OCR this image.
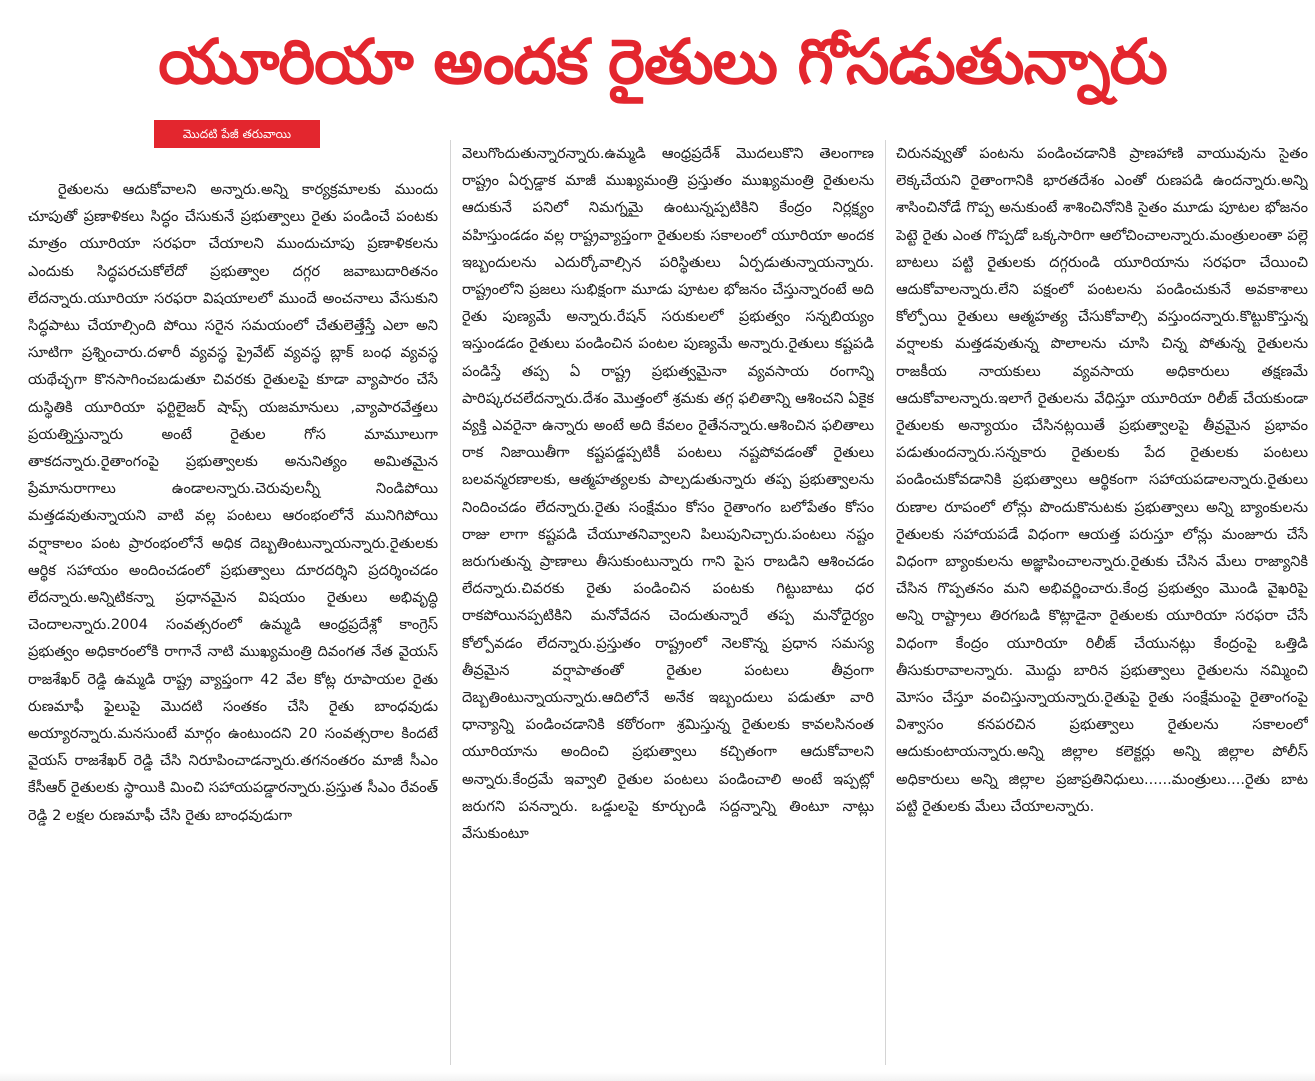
యూరియా అందక రైతులు గోసడుతున్నారు
మొదటి పేజీ తరువాయి

రైతులను ఆదుకోవాలని అన్నారు.అన్ని కార్యక్రమాలకు ముందు చూపుతో ప్రణాళికలు సిద్ధం చేసుకునే ప్రభుత్వాలు రైతు పండించే పంటకు మాత్రం యూరియా సరఫరా చేయాలని ముందుచూపు ప్రణాళికలను ఎందుకు సిద్ధపరచుకోలేదో ప్రభుత్వాల దగ్గర జవాబుదారితనం లేదన్నారు.యూరియా సరఫరా విషయాలలో ముందే అంచనాలు వేసుకుని సిద్ధపాటు చేయాల్సింది పోయి సరైన సమయంలో చేతులెత్తేస్తే ఎలా అని సూటిగా ప్రశ్నించారు.దళారీ వ్యవస్థ ప్రైవేట్ వ్యవస్థ బ్లాక్ బంధ వ్యవస్థ యథేచ్ఛగా కొనసాగించబడుతూ చివరకు రైతులపై కూడా వ్యాపారం చేసే దుస్థితికి యూరియా ఫర్టిలైజర్ షాప్స్ యజమానులు ,వ్యాపారవేత్తలు ప్రయత్నిస్తున్నారు అంటే రైతుల గోస మామూలుగా తాకదన్నారు.రైతాంగంపై ప్రభుత్వాలకు అనునిత్యం అమితమైన ప్రేమానురాగాలు ఉండాలన్నారు.చెరువులన్నీ నిండిపోయి మత్తడవుతున్నాయని వాటి వల్ల పంటలు ఆరంభంలోనే మునిగిపోయి వర్షాకాలం పంట ప్రారంభంలోనే అధిక దెబ్బతింటున్నాయన్నారు.రైతులకు ఆర్థిక సహాయం అందించడంలో ప్రభుత్వాలు దూరదర్శిని ప్రదర్శించడం లేదన్నారు.అన్నిటికన్నా ప్రధానమైన విషయం రైతులు అభివృద్ధి చెందాలన్నారు.2004 సంవత్సరంలో ఉమ్మడి ఆంధ్రప్రదేశ్లో కాంగ్రెస్ ప్రభుత్వం అధికారంలోకి రాగానే నాటి ముఖ్యమంత్రి దివంగత నేత వైయస్ రాజశేఖర్ రెడ్డి ఉమ్మడి రాష్ట్ర వ్యాప్తంగా 42 వేల కోట్ల రూపాయల రైతు రుణమాఫీ ఫైలుపై మొదటి సంతకం చేసి రైతు బాంధవుడు అయ్యారన్నారు.మనసుంటే మార్గం ఉంటుందని 20 సంవత్సరాల కిందటే వైయస్ రాజశేఖర్ రెడ్డి చేసి నిరూపించాడన్నారు.తగనంతరం మాజీ సీఎం కేసీఆర్ రైతులకు స్థాయికి మించి సహాయపడ్డారన్నారు.ప్రస్తుత సీఎం రేవంత్ రెడ్డి 2 లక్షల రుణమాఫీ చేసి రైతు బాంధవుడుగా

వెలుగొందుతున్నారన్నారు.ఉమ్మడి ఆంధ్రప్రదేశ్ మొదలుకొని తెలంగాణ రాష్ట్రం ఏర్పడ్డాక మాజీ ముఖ్యమంత్రి ప్రస్తుతం ముఖ్యమంత్రి రైతులను ఆదుకునే పనిలో నిమగ్నమై ఉంటున్నప్పటికిని కేంద్రం నిర్లక్ష్యం వహిస్తుండడం వల్ల రాష్ట్రవ్యాప్తంగా రైతులకు సకాలంలో యూరియా అందక ఇబ్బందులను ఎదుర్కోవాల్సిన పరిస్థితులు ఏర్పడుతున్నాయన్నారు. రాష్ట్రంలోని ప్రజలు సుభిక్షంగా మూడు పూటల భోజనం చేస్తున్నారంటే అది రైతు పుణ్యమే అన్నారు.రేషన్ సరుకులలో ప్రభుత్వం సన్నబియ్యం ఇస్తుండడం రైతులు పండించిన పంటల పుణ్యమే అన్నారు.రైతులు కష్టపడి పండిస్తే తప్ప ఏ రాష్ట్ర ప్రభుత్వమైనా వ్యవసాయ రంగాన్ని పారిష్కరచలేదన్నారు.దేశం మొత్తంలో శ్రమకు తగ్గ ఫలితాన్ని ఆశించని ఏకైక వ్యక్తి ఎవరైనా ఉన్నారు అంటే అది కేవలం రైతేనన్నారు.ఆశించిన ఫలితాలు రాక నిజాయితీగా కష్టపడ్డప్పటికీ పంటలు నష్టపోవడంతో రైతులు బలవన్మరణాలకు, ఆత్మహత్యలకు పాల్పడుతున్నారు తప్ప ప్రభుత్వాలను నిందించడం లేదన్నారు.రైతు సంక్షేమం కోసం రైతాంగం బలోపేతం కోసం రాజు లాగా కష్టపడి చేయూతనివ్వాలని పిలుపునిచ్చారు.పంటలు నష్టం జరుగుతున్న ప్రాణాలు తీసుకుంటున్నారు గాని పైస రాబడిని ఆశించడం లేదన్నారు.చివరకు రైతు పండించిన పంటకు గిట్టుబాటు ధర రాకపోయినప్పటికిని మనోవేదన చెందుతున్నారే తప్ప మనోధైర్యం కోల్పోవడం లేదన్నారు.ప్రస్తుతం రాష్ట్రంలో నెలకొన్న ప్రధాన సమస్య తీవ్రమైన వర్షాపాతంతో రైతుల పంటలు తీవ్రంగా దెబ్బతింటున్నాయన్నారు.ఆదిలోనే అనేక ఇబ్బందులు పడుతూ వారి ధాన్యాన్ని పండించడానికి కఠోరంగా శ్రమిస్తున్న రైతులకు కావలసినంత యూరియాను అందించి ప్రభుత్వాలు కచ్చితంగా ఆదుకోవాలని అన్నారు.కేంద్రమే ఇవ్వాలి రైతుల పంటలు పండించాలి అంటే ఇప్పట్లో జరుగని పనన్నారు. ఒడ్డులపై కూర్చుండి సద్దన్నాన్ని తింటూ నాట్లు వేసుకుంటూ

చిరునవ్వుతో పంటను పండించడానికి ప్రాణహాణి వాయువును సైతం లెక్కచేయని రైతాంగానికి భారతదేశం ఎంతో రుణపడి ఉందన్నారు.అన్ని శాసించినోడే గొప్ప అనుకుంటే శాశించినోనికి సైతం మూడు పూటల భోజనం పెట్టె రైతు ఎంత గొప్పడో ఒక్కసారిగా ఆలోచించాలన్నారు.మంత్రులంతా పల్లె బాటలు పట్టి రైతులకు దగ్గరుండి యూరియాను సరఫరా చేయించి ఆదుకోవాలన్నారు.లేని పక్షంలో పంటలను పండించుకునే అవకాశాలు కోల్పోయి రైతులు ఆత్మహత్య చేసుకోవాల్సి వస్తుందన్నారు.కొట్టుకొస్తున్న వర్షాలకు మత్తడవుతున్న పొలాలను చూసి చిన్న పోతున్న రైతులను రాజకీయ నాయకులు వ్యవసాయ అధికారులు తక్షణమే ఆదుకోవాలన్నారు.ఇలాగే రైతులను వేధిస్తూ యూరియా రిలీజ్ చేయకుండా రైతులకు అన్యాయం చేసినట్లయితే ప్రభుత్వాలపై తీవ్రమైన ప్రభావం పడుతుందన్నారు.సన్నకారు రైతులకు పేద రైతులకు పంటలు పండించుకోవడానికి ప్రభుత్వాలు ఆర్థికంగా సహాయపడాలన్నారు.రైతులు రుణాల రూపంలో లోన్లు పొందుకొనుటకు ప్రభుత్వాలు అన్ని బ్యాంకులను రైతులకు సహాయపడే విధంగా ఆయత్త పరుస్తూ లోన్లు మంజూరు చేసే విధంగా బ్యాంకులను అజ్ఞాపించాలన్నారు.రైతుకు చేసిన మేలు రాజ్యానికి చేసిన గొప్పతనం మని అభివర్ణించారు.కేంద్ర ప్రభుత్వం మొండి వైఖరిపై అన్ని రాష్ట్రాలు తిరగబడి కొట్లాడైనా రైతులకు యూరియా సరఫరా చేసే విధంగా కేంద్రం యూరియా రిలీజ్ చేయునట్లు కేంద్రంపై ఒత్తిడి తీసుకురావాలన్నారు. మొద్దు బారిన ప్రభుత్వాలు రైతులను నమ్మించి మోసం చేస్తూ వంచిస్తున్నాయన్నారు.రైతుపై రైతు సంక్షేమంపై రైతాంగంపై విశ్వాసం కనపరచిన ప్రభుత్వాలు రైతులను సకాలంలో ఆదుకుంటాయన్నారు.అన్ని జిల్లాల కలెక్టర్లు అన్ని జిల్లాల పోలీస్ అధికారులు అన్ని జిల్లాల ప్రజాప్రతినిధులు......మంత్రులు....రైతు బాట పట్టి రైతులకు మేలు చేయాలన్నారు.
